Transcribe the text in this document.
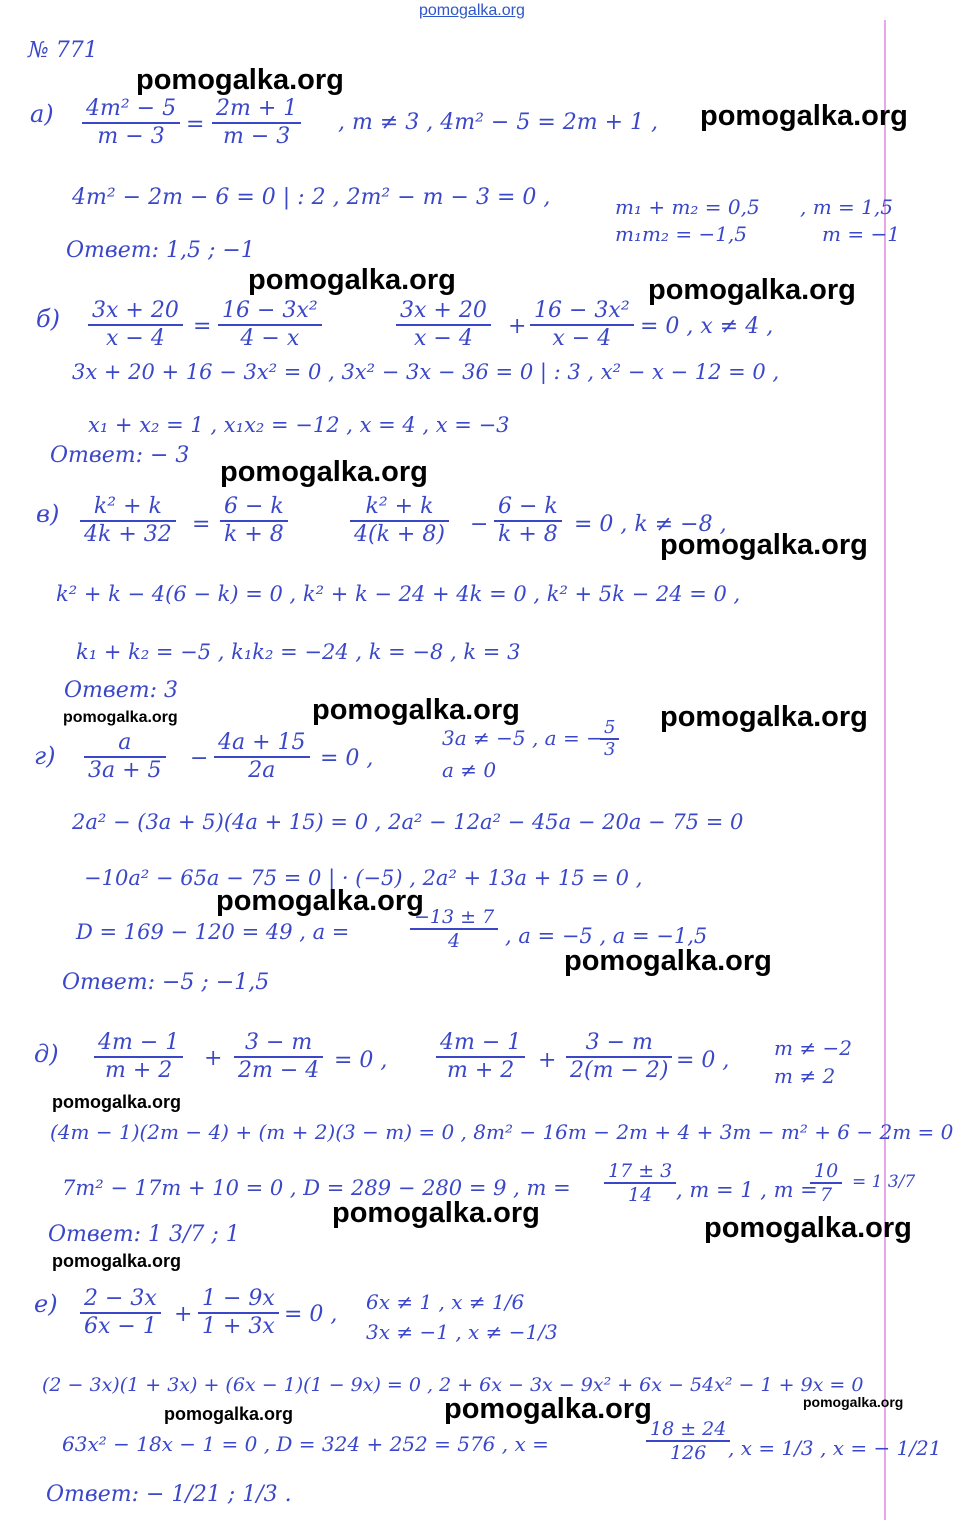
pomogalka.org
№ 771
а) 4m² − 5
m − 3 =
2m + 1
m − 3
, m ≠ 3 , 4m² − 5 = 2m + 1 ,
4m² − 2m − 6 = 0 | : 2 , 2m² − m − 3 = 0 ,	m₁ + m₂ = 0,5
m₁m₂ = −1,5
, m = 1,5
m = −1
Ответ: 1,5 ; −1
б) 3x + 20
x − 4 =
16 − 3x²
4 − x
3x + 20
x − 4 +
16 − 3x²
x − 4 = 0 , x ≠ 4 ,
3x + 20 + 16 − 3x² = 0 , 3x² − 3x − 36 = 0 | : 3 , x² − x − 12 = 0 ,
x₁ + x₂ = 1 , x₁x₂ = −12 , x = 4 , x = −3
Ответ: − 3
в) k² + k
4k + 32 =
6 − k
k + 8
k² + k
4(k + 8) −
6 − k
k + 8 = 0 , k ≠ −8 ,
k² + k − 4(6 − k) = 0 , k² + k − 24 + 4k = 0 , k² + 5k − 24 = 0 ,
k₁ + k₂ = −5 , k₁k₂ = −24 , k = −8 , k = 3
Ответ: 3
г)	a
3a + 5 −
4a + 15
2a = 0 ,
3a ≠ −5 , a = − 5
3
a ≠ 0
2a² − (3a + 5)(4a + 15) = 0 , 2a² − 12a² − 45a − 20a − 75 = 0
−10a² − 65a − 75 = 0 | · (−5) , 2a² + 13a + 15 = 0 ,
D = 169 − 120 = 49 , a =
−13 ± 7
4 , a = −5 , a = −1,5
Ответ: −5 ; −1,5
д) 4m − 1
m + 2 +
3 − m
2m − 4 = 0 ,
4m − 1
m + 2 +
3 − m
2(m − 2) = 0 , m ≠ −2
m ≠ 2
(4m − 1)(2m − 4) + (m + 2)(3 − m) = 0 , 8m² − 16m − 2m + 4 + 3m − m² + 6 − 2m = 0
7m² − 17m + 10 = 0 , D = 289 − 280 = 9 , m =
17 ± 3
14 , m = 1 , m =
10
7
= 1 3/7
Ответ: 1 3/7 ; 1
е) 2 − 3x
6x − 1 +
1 − 9x
1 + 3x = 0 , 6x ≠ 1 , x ≠ 1/6
3x ≠ −1 , x ≠ −1/3
(2 − 3x)(1 + 3x) + (6x − 1)(1 − 9x) = 0 , 2 + 6x − 3x − 9x² + 6x − 54x² − 1 + 9x = 0
63x² − 18x − 1 = 0 , D = 324 + 252 = 576 , x =
18 ± 24
126 , x = 1/3 , x = − 1/21
Ответ: − 1/21 ; 1/3 .
pomogalka.org
pomogalka.org
pomogalka.org	pomogalka.org
pomogalka.org
pomogalka.org
pomogalka.org	pomogalka.org	pomogalka.org
pomogalka.org
pomogalka.org
pomogalka.org
pomogalka.org	pomogalka.org
pomogalka.org
pomogalka.org	pomogalka.org	pomogalka.org
